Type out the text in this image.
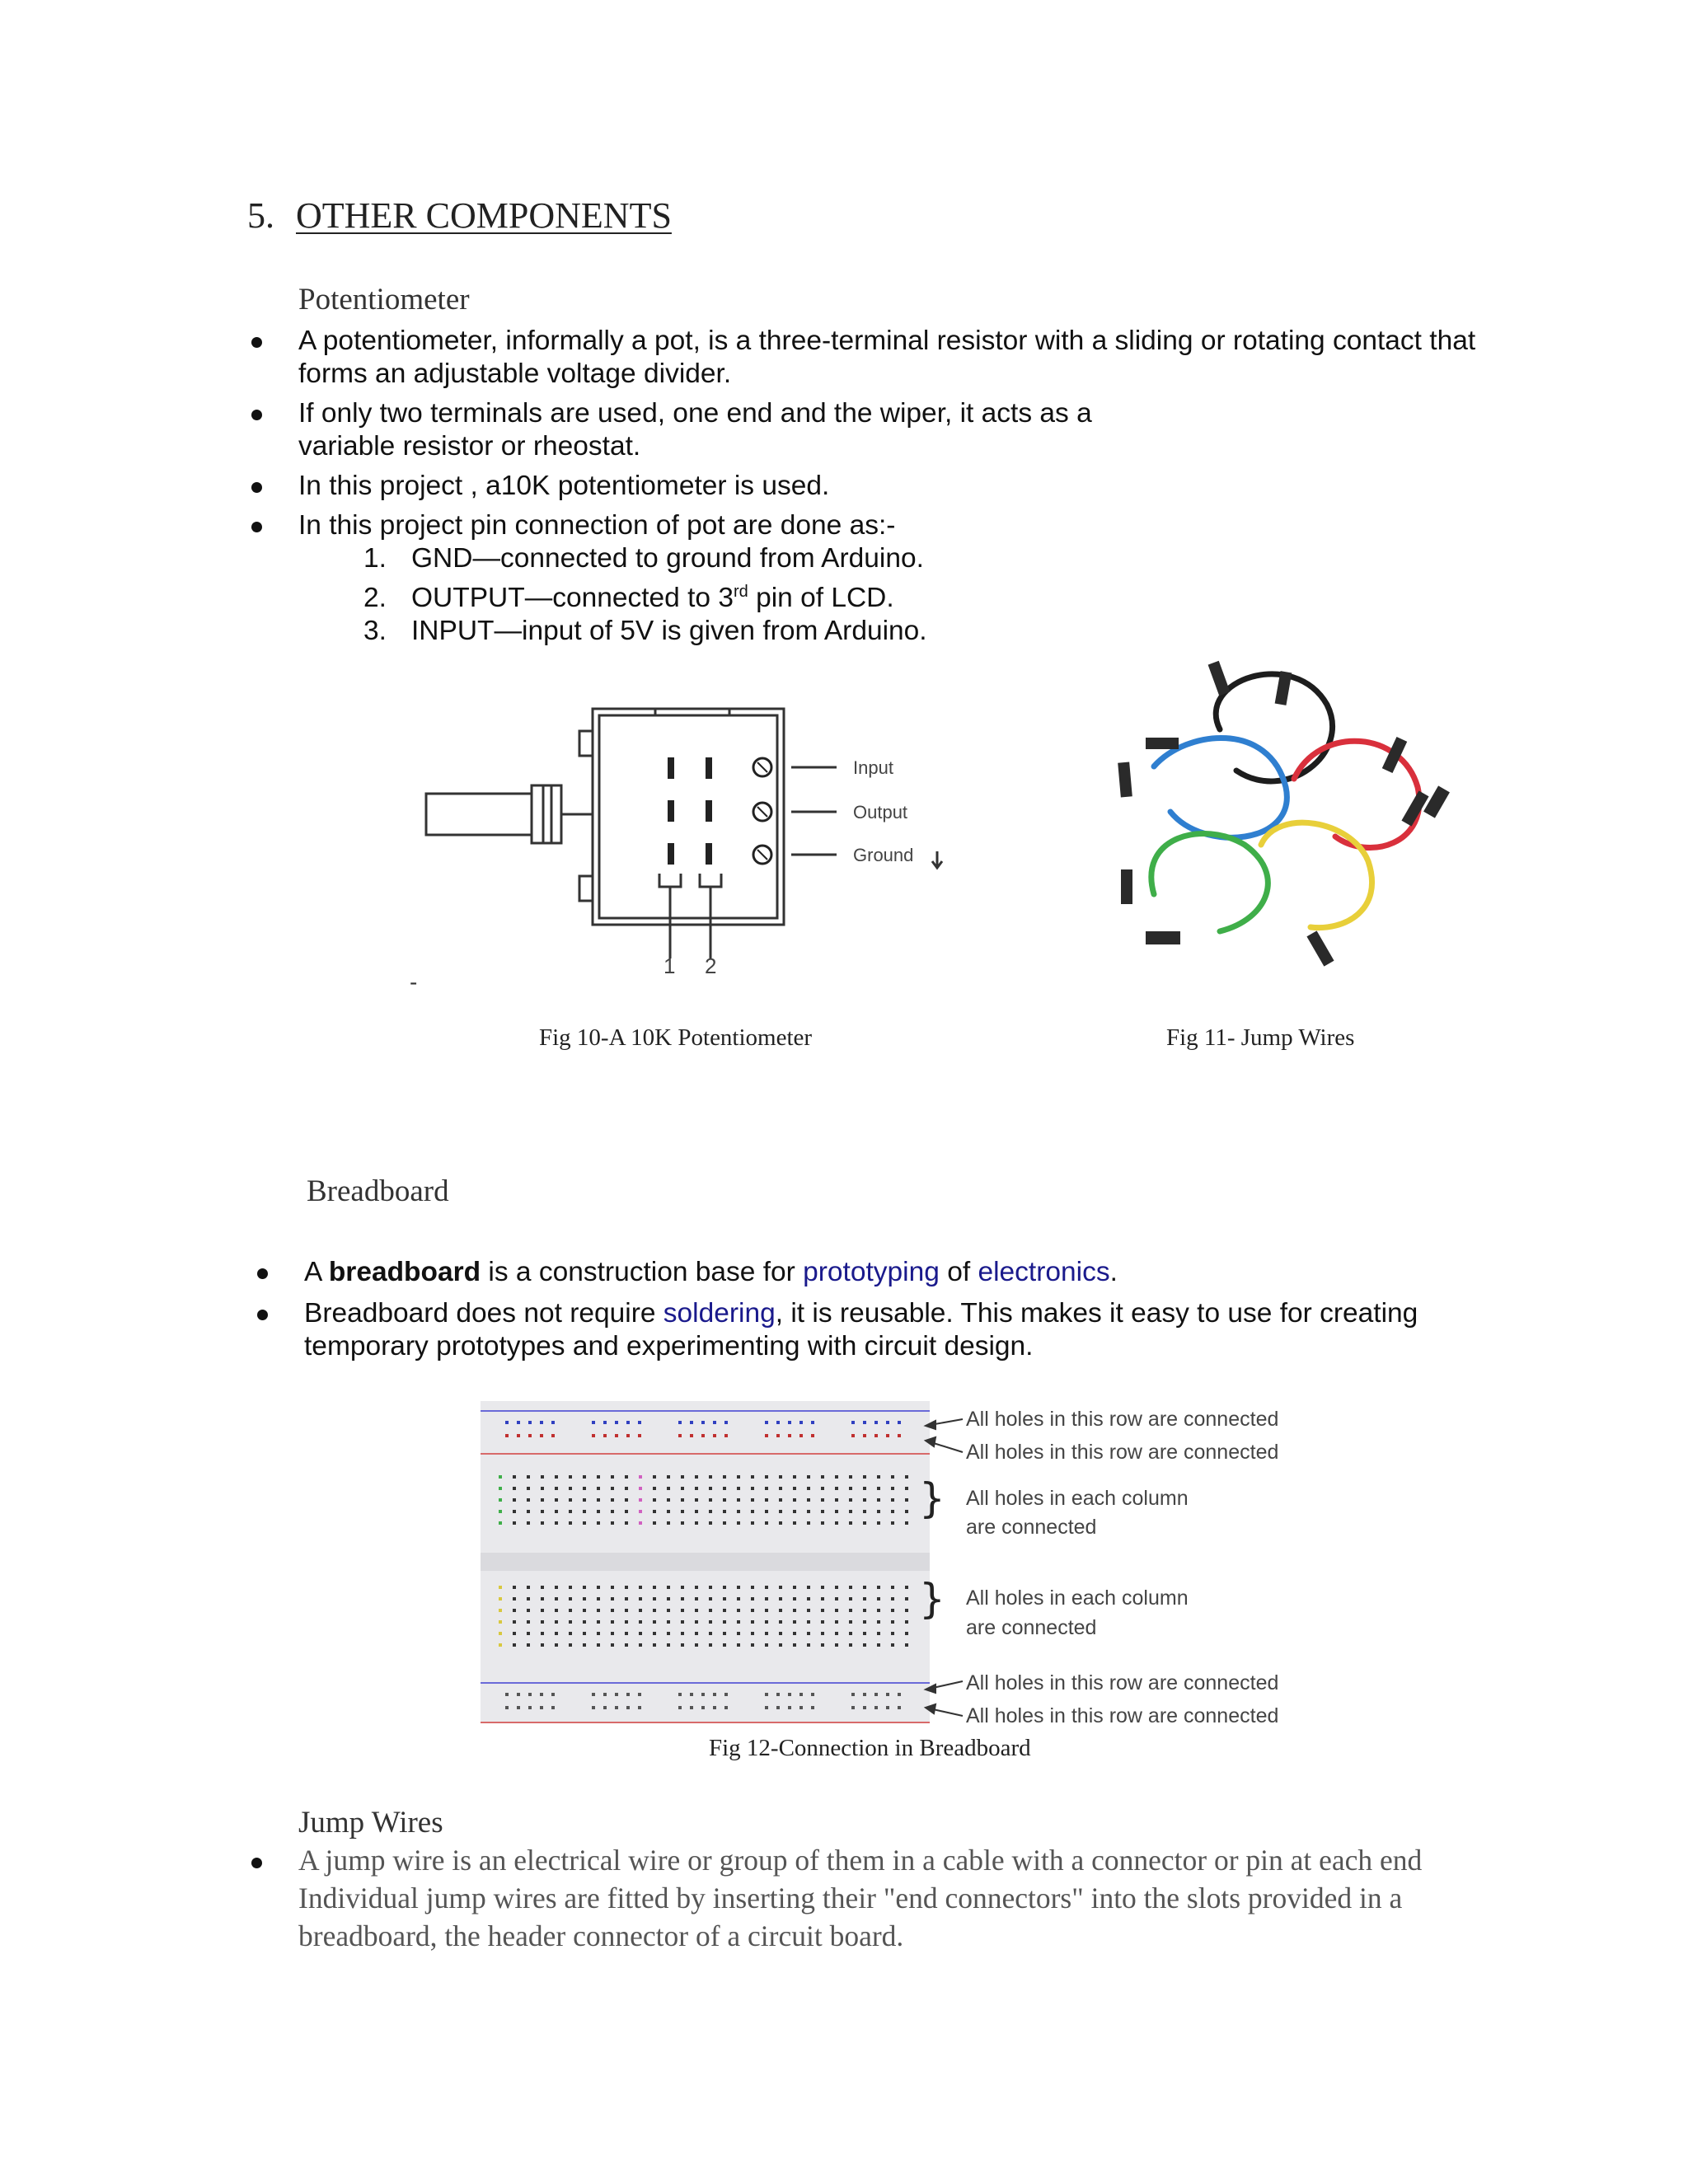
5. OTHER COMPONENTS
Potentiometer
A potentiometer, informally a pot, is a three-terminal resistor with a sliding or rotating contact that forms an adjustable voltage divider.
If only two terminals are used, one end and the wiper, it acts as a variable resistor or rheostat.
In this project , a10K potentiometer is used.
In this project pin connection of pot are done as:-
1. GND—connected to ground from Arduino.
2. OUTPUT—connected to 3rd pin of LCD.
3. INPUT—input of 5V is given from Arduino.
Input
Output
Ground
1 2
-
Fig 10-A 10K Potentiometer	Fig 11- Jump Wires
Breadboard
A breadboard is a construction base for prototyping of electronics.
Breadboard does not require soldering, it is reusable. This makes it easy to use for creating temporary prototypes and experimenting with circuit design.
}
}
All holes in this row are connected
All holes in this row are connected
All holes in each column
are connected
All holes in each column
are connected
All holes in this row are connected
All holes in this row are connected
Fig 12-Connection in Breadboard
Jump Wires
A jump wire is an electrical wire or group of them in a cable with a connector or pin at each end Individual jump wires are fitted by inserting their "end connectors" into the slots provided in a breadboard, the header connector of a circuit board.
